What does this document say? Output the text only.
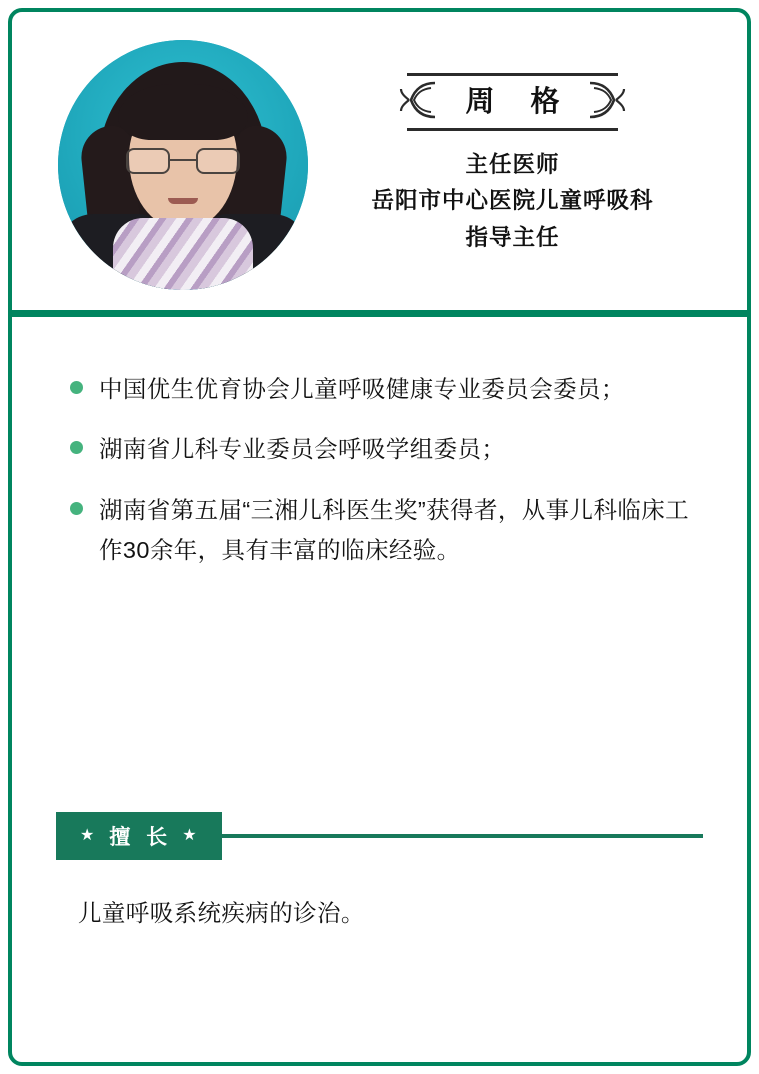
周 格
主任医师
岳阳市中心医院儿童呼吸科
指导主任
中国优生优育协会儿童呼吸健康专业委员会委员；
湖南省儿科专业委员会呼吸学组委员；
湖南省第五届“三湘儿科医生奖”获得者，从事儿科临床工作30余年，具有丰富的临床经验。
★ 擅 长 ★
儿童呼吸系统疾病的诊治。
